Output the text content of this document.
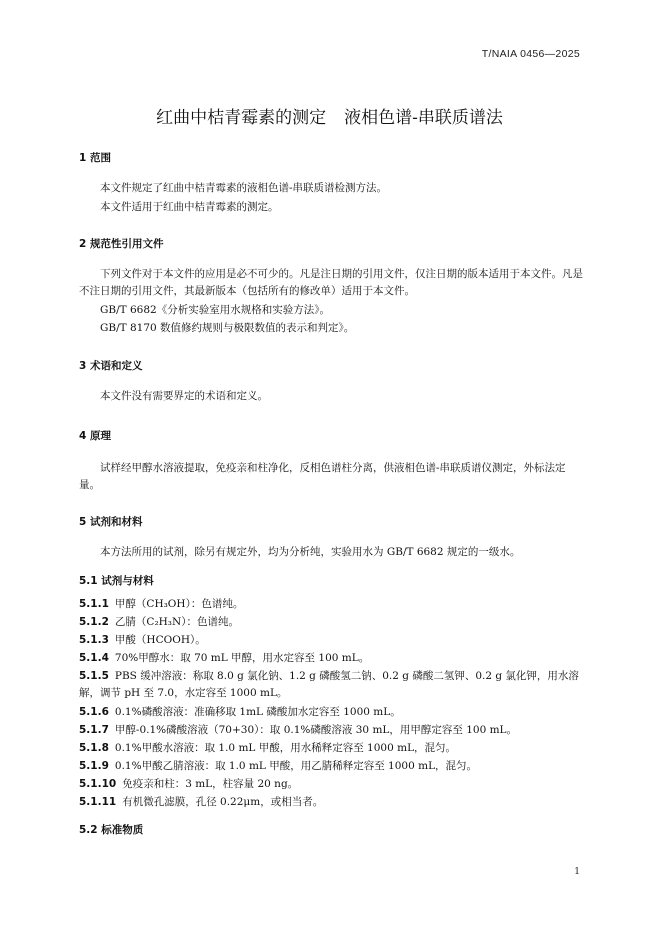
T/NAIA 0456—2025
红曲中桔青霉素的测定 液相色谱-串联质谱法
1 范围
本文件规定了红曲中桔青霉素的液相色谱-串联质谱检测方法。
本文件适用于红曲中桔青霉素的测定。
2 规范性引用文件
下列文件对于本文件的应用是必不可少的。凡是注日期的引用文件，仅注日期的版本适用于本文件。凡是不注日期的引用文件，其最新版本（包括所有的修改单）适用于本文件。
GB/T 6682《分析实验室用水规格和实验方法》。
GB/T 8170 数值修约规则与极限数值的表示和判定》。
3 术语和定义
本文件没有需要界定的术语和定义。
4 原理
试样经甲醇水溶液提取，免疫亲和柱净化，反相色谱柱分离，供液相色谱-串联质谱仪测定，外标法定量。
5 试剂和材料
本方法所用的试剂，除另有规定外，均为分析纯，实验用水为 GB/T 6682 规定的一级水。
5.1 试剂与材料
5.1.1 甲醇（CH₃OH）：色谱纯。
5.1.2 乙腈（C₂H₃N）：色谱纯。
5.1.3 甲酸（HCOOH）。
5.1.4 70%甲醇水：取 70 mL 甲醇，用水定容至 100 mL。
5.1.5 PBS 缓冲溶液：称取 8.0 g 氯化钠、1.2 g 磷酸氢二钠、0.2 g 磷酸二氢钾、0.2 g 氯化钾，用水溶解，调节 pH 至 7.0，水定容至 1000 mL。
5.1.6 0.1%磷酸溶液：准确移取 1mL 磷酸加水定容至 1000 mL。
5.1.7 甲醇-0.1%磷酸溶液（70+30）：取 0.1%磷酸溶液 30 mL，用甲醇定容至 100 mL。
5.1.8 0.1%甲酸水溶液：取 1.0 mL 甲酸，用水稀释定容至 1000 mL，混匀。
5.1.9 0.1%甲酸乙腈溶液：取 1.0 mL 甲酸，用乙腈稀释定容至 1000 mL，混匀。
5.1.10 免疫亲和柱：3 mL，柱容量 20 ng。
5.1.11 有机微孔滤膜，孔径 0.22μm，或相当者。
5.2 标准物质
1
